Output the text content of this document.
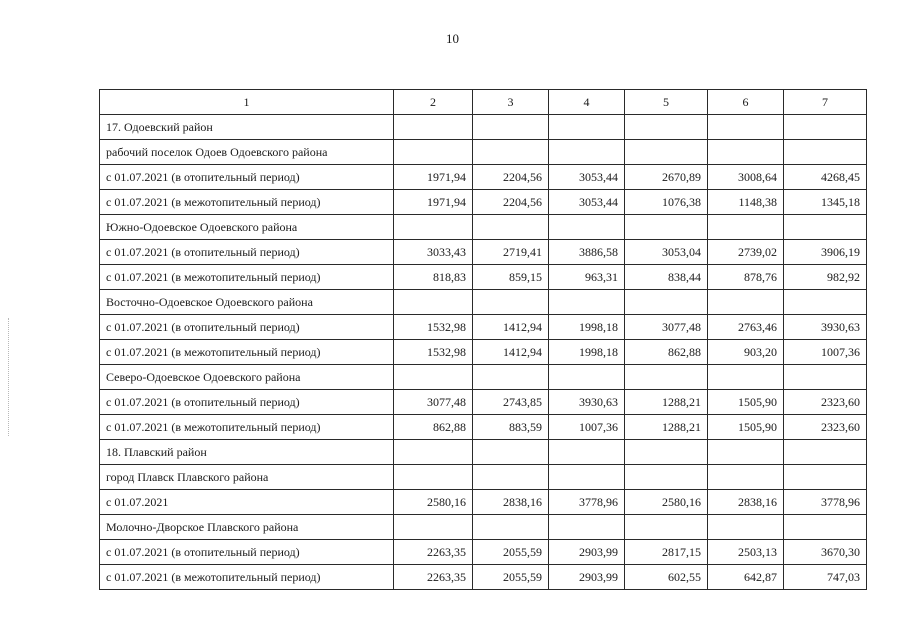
10
1	2	3	4	5	6	7
17. Одоевский район						
рабочий поселок Одоев Одоевского района						
с 01.07.2021 (в отопительный период)	1971,94	2204,56	3053,44	2670,89	3008,64	4268,45
с 01.07.2021 (в межотопительный период)	1971,94	2204,56	3053,44	1076,38	1148,38	1345,18
Южно-Одоевское Одоевского района						
с 01.07.2021 (в отопительный период)	3033,43	2719,41	3886,58	3053,04	2739,02	3906,19
с 01.07.2021 (в межотопительный период)	818,83	859,15	963,31	838,44	878,76	982,92
Восточно-Одоевское Одоевского района						
с 01.07.2021 (в отопительный период)	1532,98	1412,94	1998,18	3077,48	2763,46	3930,63
с 01.07.2021 (в межотопительный период)	1532,98	1412,94	1998,18	862,88	903,20	1007,36
Северо-Одоевское Одоевского района						
с 01.07.2021 (в отопительный период)	3077,48	2743,85	3930,63	1288,21	1505,90	2323,60
с 01.07.2021 (в межотопительный период)	862,88	883,59	1007,36	1288,21	1505,90	2323,60
18. Плавский район						
город Плавск Плавского района						
с 01.07.2021	2580,16	2838,16	3778,96	2580,16	2838,16	3778,96
Молочно-Дворское Плавского района						
с 01.07.2021 (в отопительный период)	2263,35	2055,59	2903,99	2817,15	2503,13	3670,30
с 01.07.2021 (в межотопительный период)	2263,35	2055,59	2903,99	602,55	642,87	747,03
